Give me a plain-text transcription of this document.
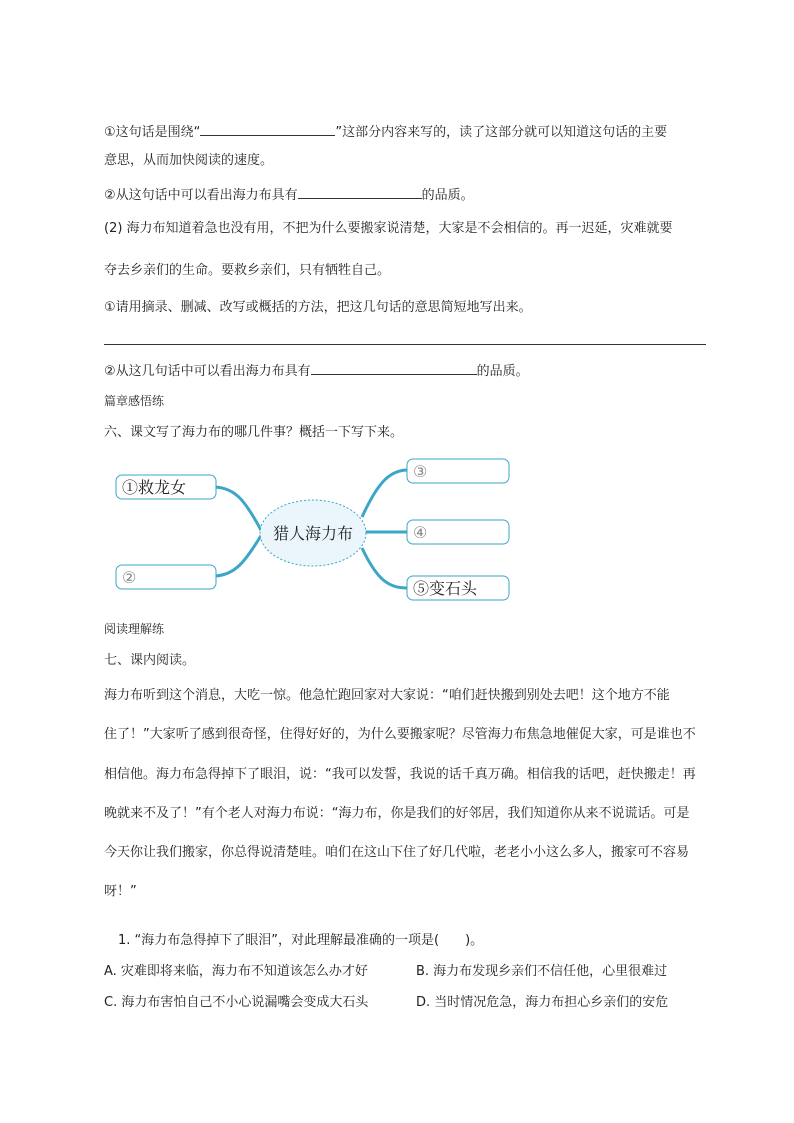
①这句话是围绕“	”这部分内容来写的，读了这部分就可以知道这句话的主要
意思，从而加快阅读的速度。
②从这句话中可以看出海力布具有	的品质。
(2) 海力布知道着急也没有用，不把为什么要搬家说清楚，大家是不会相信的。再一迟延，灾难就要
夺去乡亲们的生命。要救乡亲们，只有牺牲自己。
①请用摘录、删减、改写或概括的方法，把这几句话的意思简短地写出来。
②从这几句话中可以看出海力布具有	的品质。
篇章感悟练
六、课文写了海力布的哪几件事？概括一下写下来。
猎人海力布
①救龙女
②
③
④
⑤变石头
阅读理解练
七、课内阅读。
海力布听到这个消息，大吃一惊。他急忙跑回家对大家说：“咱们赶快搬到别处去吧！这个地方不能
住了！”大家听了感到很奇怪，住得好好的，为什么要搬家呢？尽管海力布焦急地催促大家，可是谁也不
相信他。海力布急得掉下了眼泪，说：“我可以发誓，我说的话千真万确。相信我的话吧，赶快搬走！再
晚就来不及了！”有个老人对海力布说：“海力布，你是我们的好邻居，我们知道你从来不说谎话。可是
今天你让我们搬家，你总得说清楚哇。咱们在这山下住了好几代啦，老老小小这么多人，搬家可不容易
呀！”
1. “海力布急得掉下了眼泪”，对此理解最准确的一项是(　　)。
A. 灾难即将来临，海力布不知道该怎么办才好	B. 海力布发现乡亲们不信任他，心里很难过
C. 海力布害怕自己不小心说漏嘴会变成大石头	D. 当时情况危急，海力布担心乡亲们的安危
